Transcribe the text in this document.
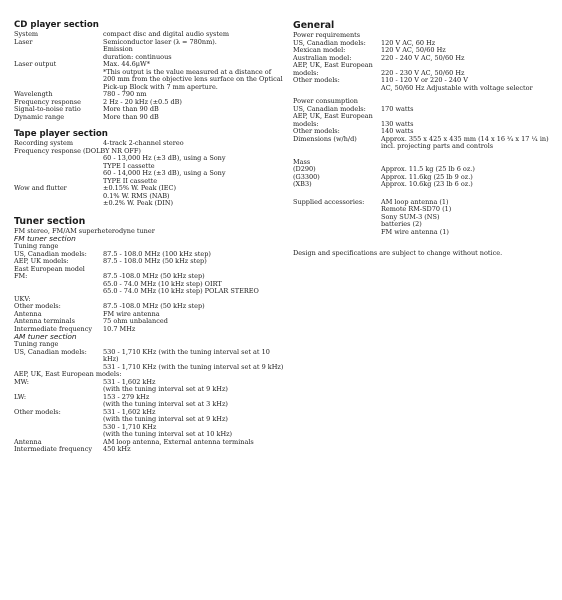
CD player section
System	compact disc and digital audio system
Laser	Semiconductor laser (λ = 780nm).
Emission
duration: continuous
Laser output	Max. 44.6μW*
*This output is the value measured at a distance of 200 mm from the objective lens surface on the Optical Pick-up Block with 7 mm aperture.
Wavelength	780 - 790 nm
Frequency response	2 Hz - 20 kHz (±0.5 dB)
Signal-to-noise ratio	More than 90 dB
Dynamic range	More than 90 dB
Tape player section
Recording system	4-track 2-channel stereo
Frequency response (DOLBY NR OFF)
60 - 13,000 Hz (±3 dB), using a Sony
TYPE I cassette
60 - 14,000 Hz (±3 dB), using a Sony
TYPE II cassette
Wow and flutter	±0.15% W. Peak (IEC)
0.1% W. RMS (NAB)
±0.2% W. Peak (DIN)
Tuner section
FM stereo, FM/AM superheterodyne tuner
FM tuner section
Tuning range
US, Canadian models:	87.5 - 108.0 MHz (100 kHz step)
AEP, UK models:	87.5 - 108.0 MHz (50 kHz step)
East European model
FM:	87.5 -108.0 MHz (50 kHz step)
65.0 - 74.0 MHz (10 kHz step) OIRT
65.0 - 74.0 MHz (10 kHz step) POLAR STEREO
UKV:
Other models:	87.5 -108.0 MHz (50 kHz step)
Antenna	FM wire antenna
Antenna terminals	75 ohm unbalanced
Intermediate frequency	10.7 MHz
AM tuner section
Tuning range
US, Canadian models:	530 - 1,710 KHz (with the tuning interval set at 10 kHz)
531 - 1,710 KHz (with the tuning interval set at 9 kHz)
AEP, UK, East European models:
MW:	531 - 1,602 kHz
(with the tuning interval set at 9 kHz)
LW:	153 - 279 kHz
(with the tuning interval set at 3 kHz)
Other models:	531 - 1,602 kHz
(with the tuning interval set at 9 kHz)
530 - 1,710 KHz
(with the tuning interval set at 10 kHz)
Antenna	AM loop antenna, External antenna terminals
Intermediate frequency	450 kHz
General
Power requirements
US, Canadian models:	120 V AC, 60 Hz
Mexican model:	120 V AC, 50/60 Hz
Australian model:	220 - 240 V AC, 50/60 Hz
AEP, UK, East European models:	
220 - 230 V AC, 50/60 Hz
Other models:	110 - 120 V or 220 - 240 V
AC, 50/60 Hz Adjustable with voltage selector
Power consumption
US, Canadian models:	170 watts
AEP, UK, East European models:	
130 watts
Other models:	140 watts
Dimensions (w/h/d)	Approx. 355 x 425 x 435 mm (14 x 16 ³⁄₄ x 17 ¹⁄₄ in) incl. projecting parts and controls
Mass
(D290)	Approx. 11.5 kg (25 lb 6 oz.)
(G3300)	Approx. 11.6kg (25 lb 9 oz.)
(XB3)	Approx. 10.6kg (23 lb 6 oz.)
Supplied accessories:	AM loop antenna (1)
Remote RM-SD70 (1)
Sony SUM-3 (NS)
batteries (2)
FM wire antenna (1)
Design and specifications are subject to change without notice.
